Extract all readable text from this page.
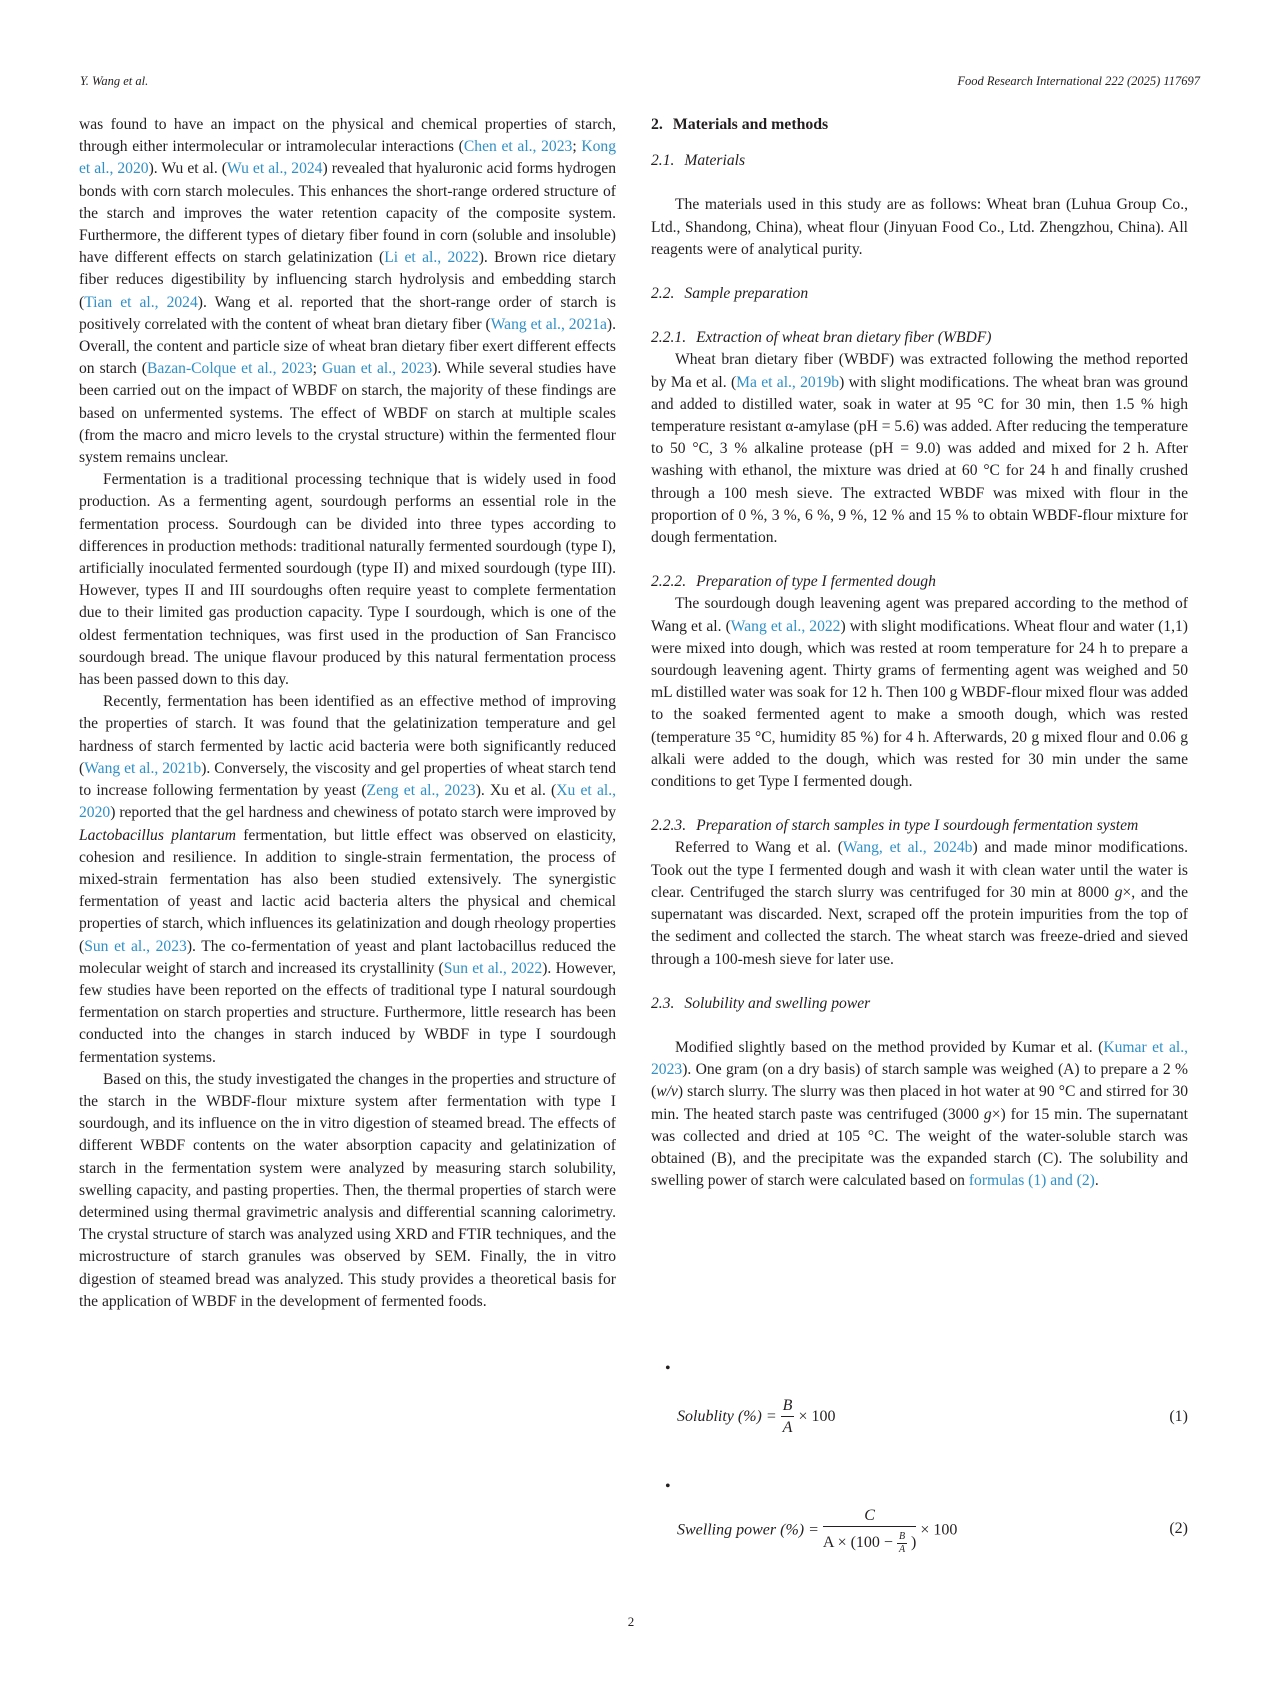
Y. Wang et al.	Food Research International 222 (2025) 117697

was found to have an impact on the physical and chemical properties of starch, through either intermolecular or intramolecular interactions (Chen et al., 2023; Kong et al., 2020). Wu et al. (Wu et al., 2024) revealed that hyaluronic acid forms hydrogen bonds with corn starch molecules. This enhances the short-range ordered structure of the starch and improves the water retention capacity of the composite system. Furthermore, the different types of dietary fiber found in corn (soluble and insoluble) have different effects on starch gelatinization (Li et al., 2022). Brown rice dietary fiber reduces digestibility by influencing starch hydrolysis and embedding starch (Tian et al., 2024). Wang et al. reported that the short-range order of starch is positively correlated with the content of wheat bran dietary fiber (Wang et al., 2021a). Overall, the content and particle size of wheat bran dietary fiber exert different effects on starch (Bazan-Colque et al., 2023; Guan et al., 2023). While several studies have been carried out on the impact of WBDF on starch, the majority of these findings are based on unfermented systems. The effect of WBDF on starch at multiple scales (from the macro and micro levels to the crystal structure) within the fermented flour system remains unclear.

Fermentation is a traditional processing technique that is widely used in food production. As a fermenting agent, sourdough performs an essential role in the fermentation process. Sourdough can be divided into three types according to differences in production methods: traditional naturally fermented sourdough (type I), artificially inoculated fermented sourdough (type II) and mixed sourdough (type III). However, types II and III sourdoughs often require yeast to complete fermentation due to their limited gas production capacity. Type I sourdough, which is one of the oldest fermentation techniques, was first used in the production of San Francisco sourdough bread. The unique flavour produced by this natural fermentation process has been passed down to this day.

Recently, fermentation has been identified as an effective method of improving the properties of starch. It was found that the gelatinization temperature and gel hardness of starch fermented by lactic acid bacteria were both significantly reduced (Wang et al., 2021b). Conversely, the viscosity and gel properties of wheat starch tend to increase following fermentation by yeast (Zeng et al., 2023). Xu et al. (Xu et al., 2020) reported that the gel hardness and chewiness of potato starch were improved by Lactobacillus plantarum fermentation, but little effect was observed on elasticity, cohesion and resilience. In addition to single-strain fermentation, the process of mixed-strain fermentation has also been studied extensively. The synergistic fermentation of yeast and lactic acid bacteria alters the physical and chemical properties of starch, which influences its gelatinization and dough rheology properties (Sun et al., 2023). The co-fermentation of yeast and plant lactobacillus reduced the molecular weight of starch and increased its crystallinity (Sun et al., 2022). However, few studies have been reported on the effects of traditional type I natural sourdough fermentation on starch properties and structure. Furthermore, little research has been conducted into the changes in starch induced by WBDF in type I sourdough fermentation systems.

Based on this, the study investigated the changes in the properties and structure of the starch in the WBDF-flour mixture system after fermentation with type I sourdough, and its influence on the in vitro digestion of steamed bread. The effects of different WBDF contents on the water absorption capacity and gelatinization of starch in the fermentation system were analyzed by measuring starch solubility, swelling capacity, and pasting properties. Then, the thermal properties of starch were determined using thermal gravimetric analysis and differential scanning calorimetry. The crystal structure of starch was analyzed using XRD and FTIR techniques, and the microstructure of starch granules was observed by SEM. Finally, the in vitro digestion of steamed bread was analyzed. This study provides a theoretical basis for the application of WBDF in the development of fermented foods.

2. Materials and methods
2.1. Materials

The materials used in this study are as follows: Wheat bran (Luhua Group Co., Ltd., Shandong, China), wheat flour (Jinyuan Food Co., Ltd. Zhengzhou, China). All reagents were of analytical purity.

2.2. Sample preparation
2.2.1. Extraction of wheat bran dietary fiber (WBDF)

Wheat bran dietary fiber (WBDF) was extracted following the method reported by Ma et al. (Ma et al., 2019b) with slight modifications. The wheat bran was ground and added to distilled water, soak in water at 95 °C for 30 min, then 1.5 % high temperature resistant α-amylase (pH = 5.6) was added. After reducing the temperature to 50 °C, 3 % alkaline protease (pH = 9.0) was added and mixed for 2 h. After washing with ethanol, the mixture was dried at 60 °C for 24 h and finally crushed through a 100 mesh sieve. The extracted WBDF was mixed with flour in the proportion of 0 %, 3 %, 6 %, 9 %, 12 % and 15 % to obtain WBDF-flour mixture for dough fermentation.

2.2.2. Preparation of type I fermented dough

The sourdough dough leavening agent was prepared according to the method of Wang et al. (Wang et al., 2022) with slight modifications. Wheat flour and water (1,1) were mixed into dough, which was rested at room temperature for 24 h to prepare a sourdough leavening agent. Thirty grams of fermenting agent was weighed and 50 mL distilled water was soak for 12 h. Then 100 g WBDF-flour mixed flour was added to the soaked fermented agent to make a smooth dough, which was rested (temperature 35 °C, humidity 85 %) for 4 h. Afterwards, 20 g mixed flour and 0.06 g alkali were added to the dough, which was rested for 30 min under the same conditions to get Type I fermented dough.

2.2.3. Preparation of starch samples in type I sourdough fermentation system

Referred to Wang et al. (Wang, et al., 2024b) and made minor modifications. Took out the type I fermented dough and wash it with clean water until the water is clear. Centrifuged the starch slurry was centrifuged for 30 min at 8000 g×, and the supernatant was discarded. Next, scraped off the protein impurities from the top of the sediment and collected the starch. The wheat starch was freeze-dried and sieved through a 100-mesh sieve for later use.

2.3. Solubility and swelling power

Modified slightly based on the method provided by Kumar et al. (Kumar et al., 2023). One gram (on a dry basis) of starch sample was weighed (A) to prepare a 2 % (w/v) starch slurry. The slurry was then placed in hot water at 90 °C and stirred for 30 min. The heated starch paste was centrifuged (3000 g×) for 15 min. The supernatant was collected and dried at 105 °C. The weight of the water-soluble starch was obtained (B), and the precipitate was the expanded starch (C). The solubility and swelling power of starch were calculated based on formulas (1) and (2).

•
Solublity (%) = $\frac{B}{A} \times 100$	(1)
•
Swelling power (%) = $\frac{C}{A \times (100 - \frac{B}{A} )} \times 100$	(2)
2
